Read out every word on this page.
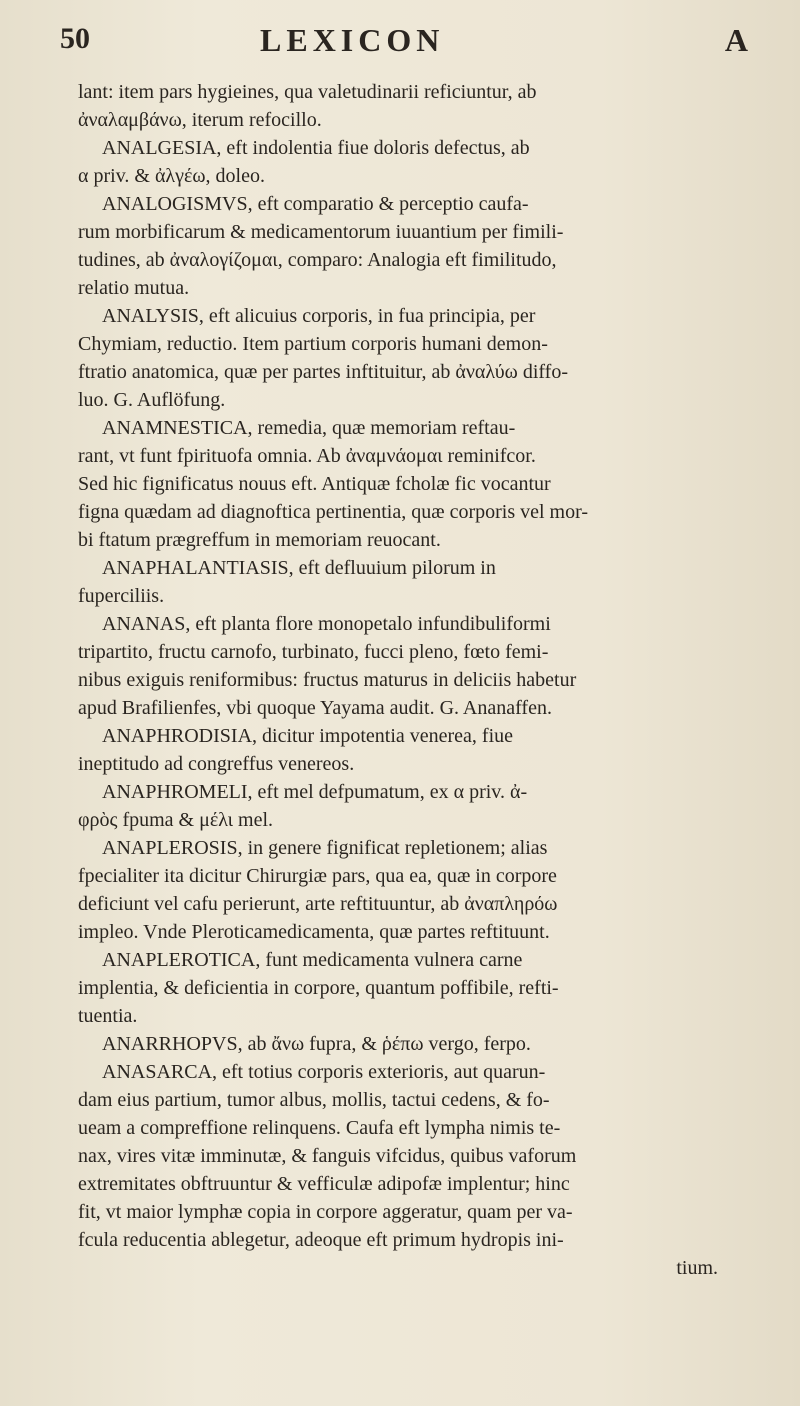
50	LEXICON	A
lant: item pars hygieines, qua valetudinarii reficiuntur, ab
ἀναλαμβάνω, iterum refocillo.
ANALGESIA, eft indolentia fiue doloris defectus, ab
α priv. & ἀλγέω, doleo.
ANALOGISMVS, eft comparatio & perceptio caufa-
rum morbificarum & medicamentorum iuuantium per fimili-
tudines, ab ἀναλογίζομαι, comparo: Analogia eft fimilitudo,
relatio mutua.
ANALYSIS, eft alicuius corporis, in fua principia, per
Chymiam, reductio. Item partium corporis humani demon-
ftratio anatomica, quæ per partes inftituitur, ab ἀναλύω diffo-
luo. G. Auflöfung.
ANAMNESTICA, remedia, quæ memoriam reftau-
rant, vt funt fpirituofa omnia. Ab ἀναμνάομαι reminifcor.
Sed hic fignificatus nouus eft. Antiquæ fcholæ fic vocantur
figna quædam ad diagnoftica pertinentia, quæ corporis vel mor-
bi ftatum prægreffum in memoriam reuocant.
ANAPHALANTIASIS, eft defluuium pilorum in
fuperciliis.
ANANAS, eft planta flore monopetalo infundibuliformi
tripartito, fructu carnofo, turbinato, fucci pleno, fœto femi-
nibus exiguis reniformibus: fructus maturus in deliciis habetur
apud Brafilienfes, vbi quoque Yayama audit. G. Ananaffen.
ANAPHRODISIA, dicitur impotentia venerea, fiue
ineptitudo ad congreffus venereos.
ANAPHROMELI, eft mel defpumatum, ex α priv. ἀ-
φρὸς fpuma & μέλι mel.
ANAPLEROSIS, in genere fignificat repletionem; alias
fpecialiter ita dicitur Chirurgiæ pars, qua ea, quæ in corpore
deficiunt vel cafu perierunt, arte reftituuntur, ab ἀναπληρόω
impleo. Vnde Pleroticamedicamenta, quæ partes reftituunt.
ANAPLEROTICA, funt medicamenta vulnera carne
implentia, & deficientia in corpore, quantum poffibile, refti-
tuentia.
ANARRHOPVS, ab ἄνω fupra, & ῥέπω vergo, ferpo.
ANASARCA, eft totius corporis exterioris, aut quarun-
dam eius partium, tumor albus, mollis, tactui cedens, & fo-
ueam a compreffione relinquens. Caufa eft lympha nimis te-
nax, vires vitæ imminutæ, & fanguis vifcidus, quibus vaforum
extremitates obftruuntur & vefficulæ adipofæ implentur; hinc
fit, vt maior lymphæ copia in corpore aggeratur, quam per va-
fcula reducentia ablegetur, adeoque eft primum hydropis ini-
tium.
